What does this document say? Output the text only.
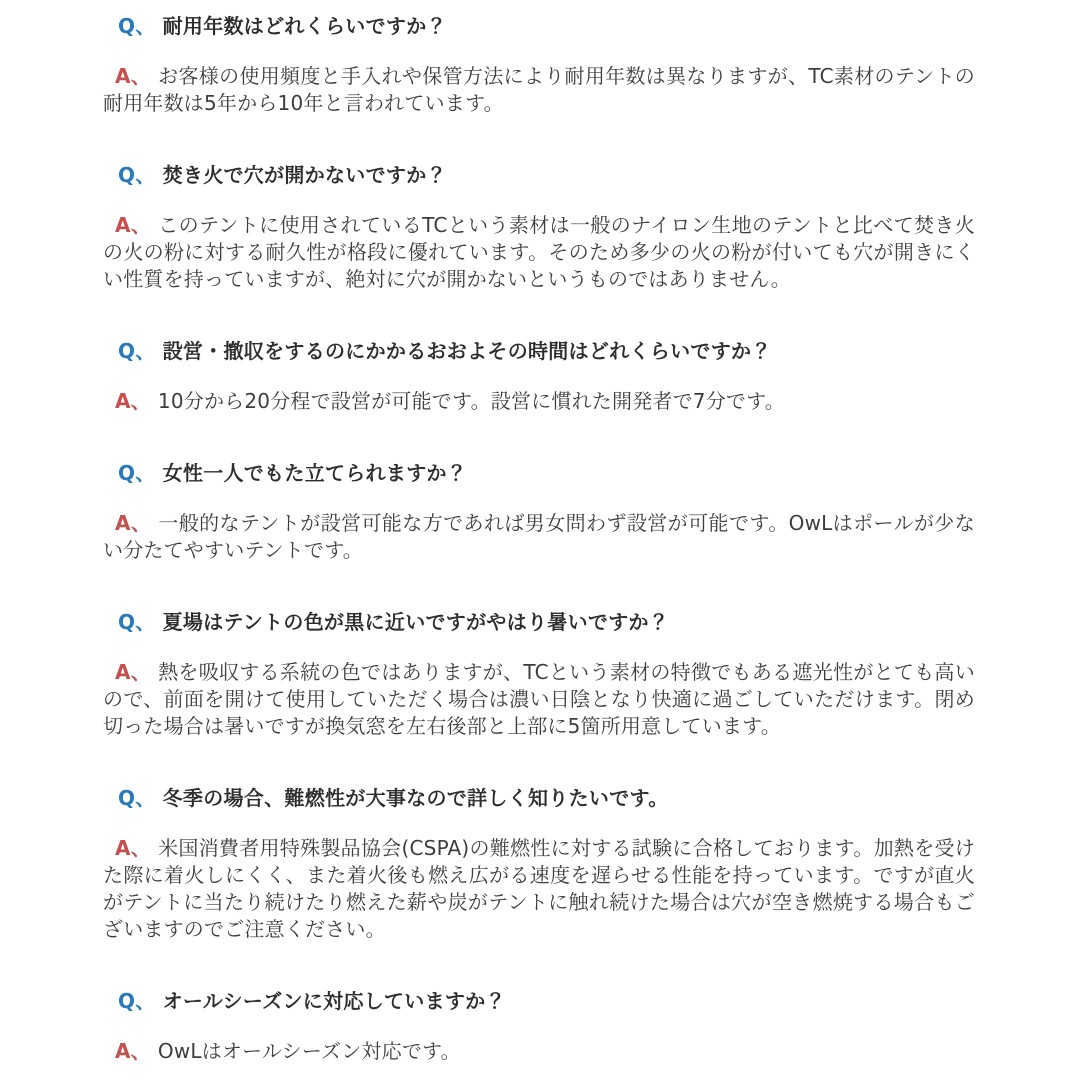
Q、 耐用年数はどれくらいですか？

A、 お客様の使用頻度と手入れや保管方法により耐用年数は異なりますが、TC素材のテントの耐用年数は5年から10年と言われています。

Q、 焚き火で穴が開かないですか？

A、 このテントに使用されているTCという素材は一般のナイロン生地のテントと比べて焚き火の火の粉に対する耐久性が格段に優れています。そのため多少の火の粉が付いても穴が開きにくい性質を持っていますが、絶対に穴が開かないというものではありません。

Q、 設営・撤収をするのにかかるおおよその時間はどれくらいですか？

A、 10分から20分程で設営が可能です。設営に慣れた開発者で7分です。

Q、 女性一人でもた立てられますか？

A、 一般的なテントが設営可能な方であれば男女問わず設営が可能です。OwLはポールが少ない分たてやすいテントです。

Q、 夏場はテントの色が黒に近いですがやはり暑いですか？

A、 熱を吸収する系統の色ではありますが、TCという素材の特徴でもある遮光性がとても高いので、前面を開けて使用していただく場合は濃い日陰となり快適に過ごしていただけます。閉め切った場合は暑いですが換気窓を左右後部と上部に5箇所用意しています。

Q、 冬季の場合、難燃性が大事なので詳しく知りたいです。

A、 米国消費者用特殊製品協会(CSPA)の難燃性に対する試験に合格しております。加熱を受けた際に着火しにくく、また着火後も燃え広がる速度を遅らせる性能を持っています。ですが直火がテントに当たり続けたり燃えた薪や炭がテントに触れ続けた場合は穴が空き燃焼する場合もございますのでご注意ください。

Q、 オールシーズンに対応していますか？

A、 OwLはオールシーズン対応です。
